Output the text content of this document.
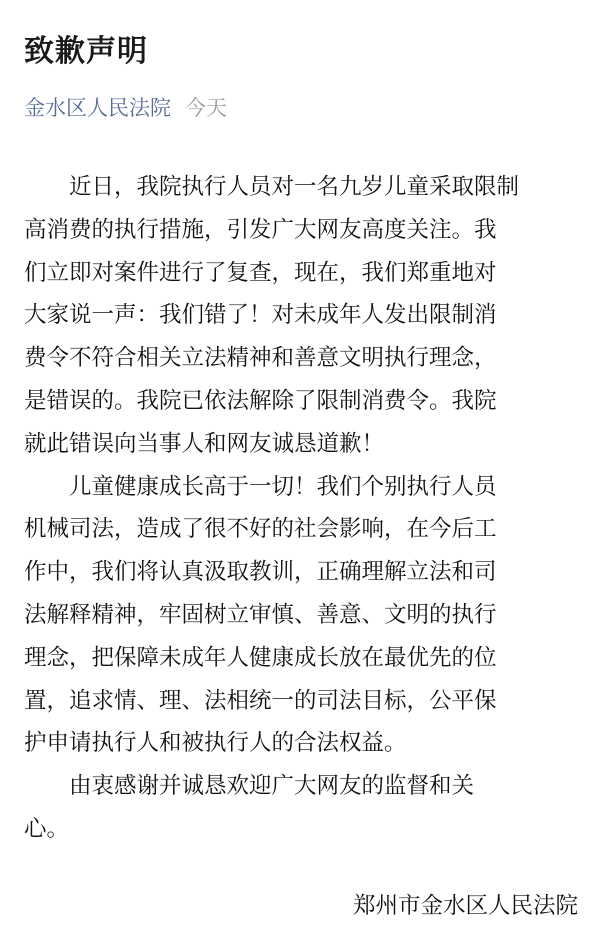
致歉声明
金水区人民法院 今天

近日，我院执行人员对一名九岁儿童采取限制
高消费的执行措施，引发广大网友高度关注。我
们立即对案件进行了复查，现在，我们郑重地对
大家说一声：我们错了！对未成年人发出限制消
费令不符合相关立法精神和善意文明执行理念，
是错误的。我院已依法解除了限制消费令。我院
就此错误向当事人和网友诚恳道歉！

儿童健康成长高于一切！我们个别执行人员
机械司法，造成了很不好的社会影响，在今后工
作中，我们将认真汲取教训，正确理解立法和司
法解释精神，牢固树立审慎、善意、文明的执行
理念，把保障未成年人健康成长放在最优先的位
置，追求情、理、法相统一的司法目标，公平保
护申请执行人和被执行人的合法权益。

由衷感谢并诚恳欢迎广大网友的监督和关
心。

郑州市金水区人民法院
